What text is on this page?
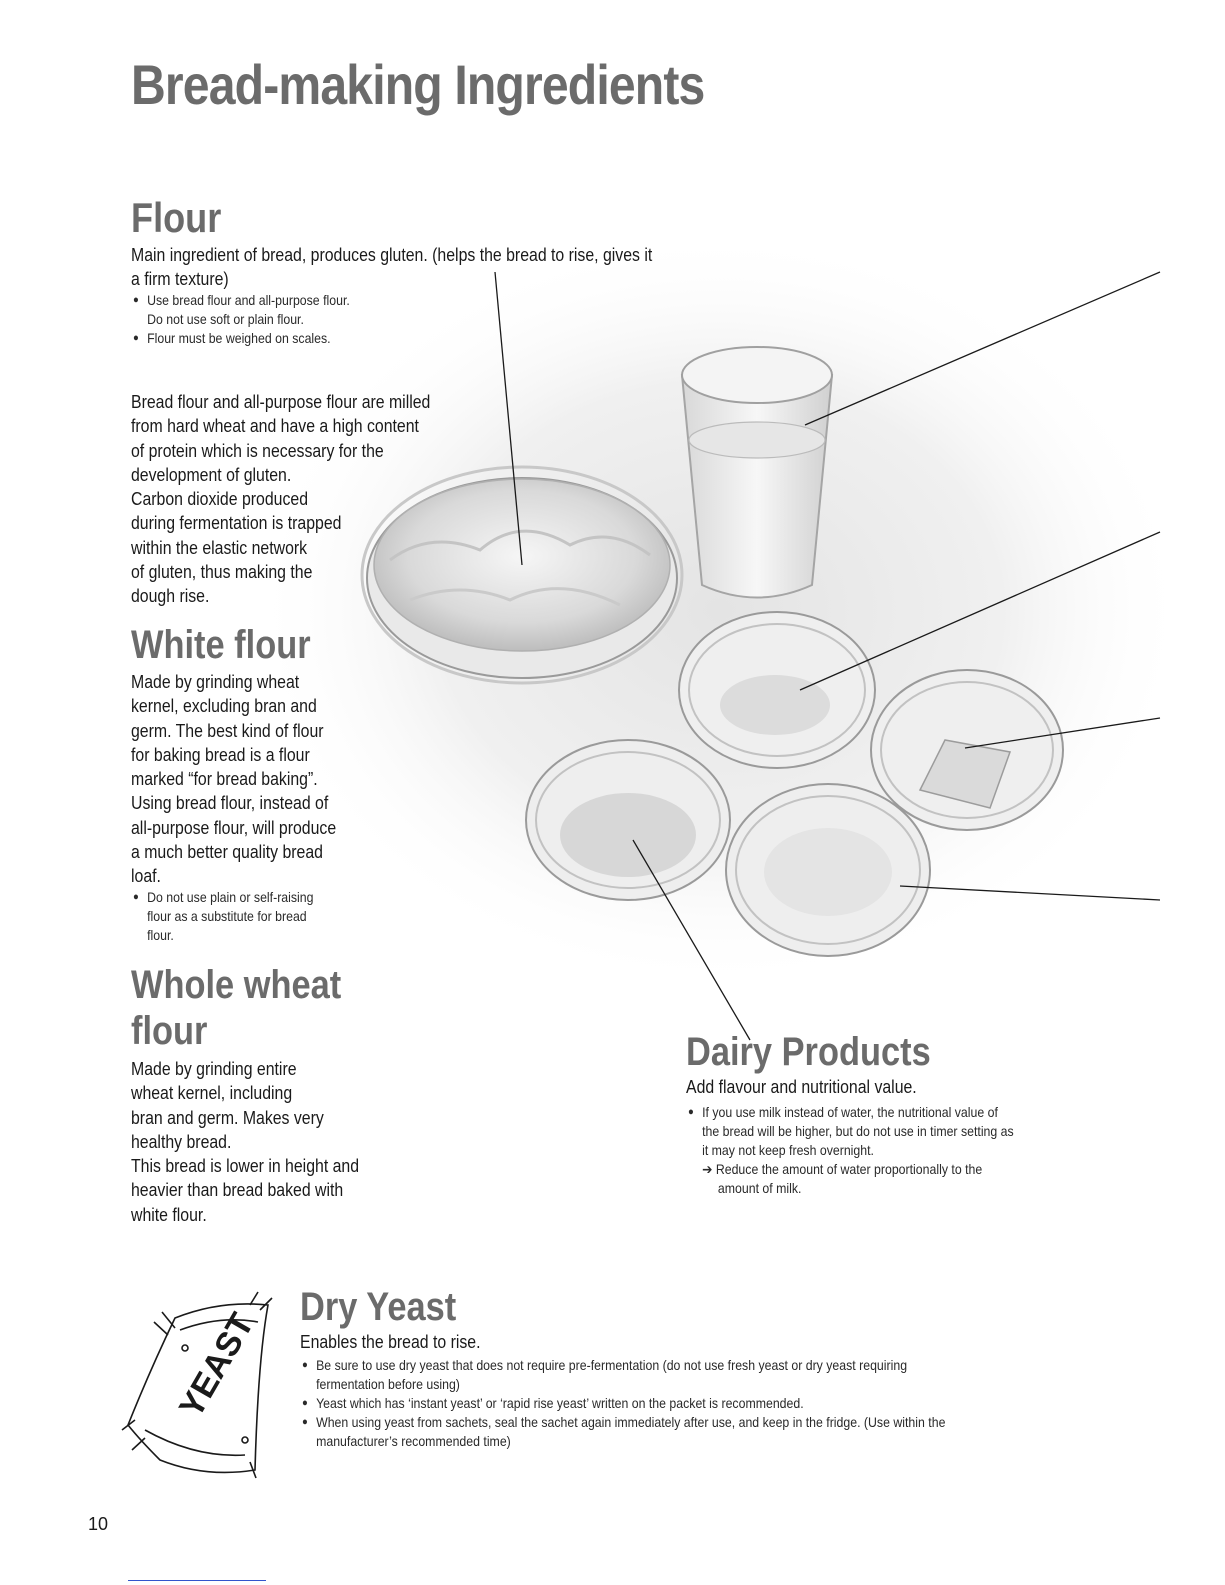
Bread-making Ingredients
YEAST
Flour
Main ingredient of bread, produces gluten. (helps the bread to rise, gives it a firm texture)
● Use bread flour and all-purpose flour.
Do not use soft or plain flour.
● Flour must be weighed on scales.
Bread flour and all-purpose flour are milled
from hard wheat and have a high content
of protein which is necessary for the
development of gluten.
Carbon dioxide produced
during fermentation is trapped
within the elastic network
of gluten, thus making the
dough rise.
White flour
Made by grinding wheat
kernel, excluding bran and
germ. The best kind of flour
for baking bread is a flour
marked “for bread baking”.
Using bread flour, instead of
all-purpose flour, will produce
a much better quality bread
loaf.
● Do not use plain or self-raising
flour as a substitute for bread
flour.
Whole wheat
flour
Made by grinding entire
wheat kernel, including
bran and germ. Makes very
healthy bread.
This bread is lower in height and
heavier than bread baked with
white flour.
Dairy Products
Add flavour and nutritional value.
● If you use milk instead of water, the nutritional value of
the bread will be higher, but do not use in timer setting as
it may not keep fresh overnight.
➔ Reduce the amount of water proportionally to the
amount of milk.
Dry Yeast
Enables the bread to rise.
● Be sure to use dry yeast that does not require pre-fermentation (do not use fresh yeast or dry yeast requiring
fermentation before using)
● Yeast which has ‘instant yeast’ or ‘rapid rise yeast’ written on the packet is recommended.
● When using yeast from sachets, seal the sachet again immediately after use, and keep in the fridge. (Use within the
manufacturer’s recommended time)
10
